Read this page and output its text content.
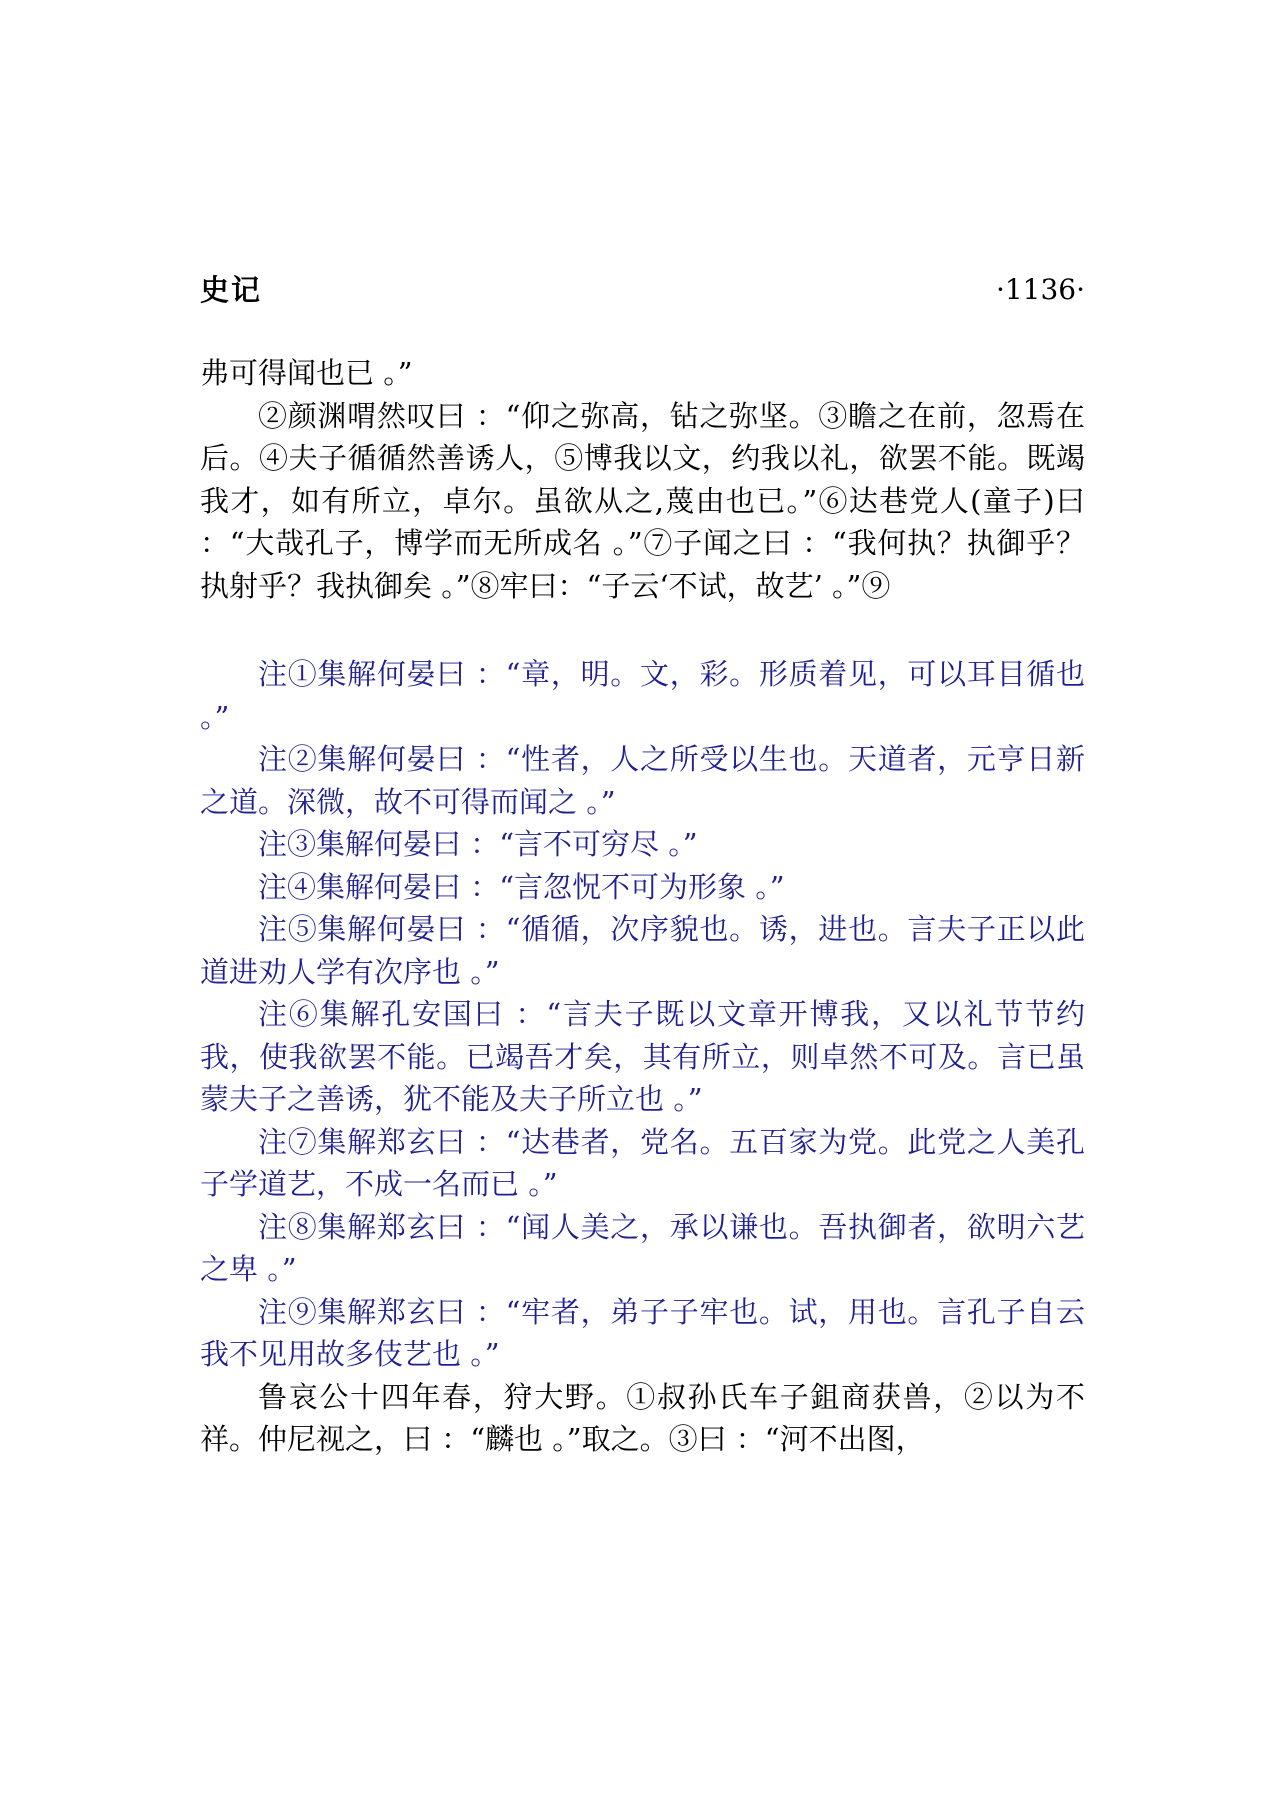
史记	·1136·

弗可得闻也已 。”

②颜渊喟然叹曰 ：“仰之弥高，钻之弥坚。③瞻之在前，忽焉在后。④夫子循循然善诱人，⑤博我以文，约我以礼，欲罢不能。既竭我才，如有所立，卓尔。虽欲从之,蔑由也已。”⑥达巷党人(童子)曰 ：“大哉孔子，博学而无所成名 。”⑦子闻之曰 ：“我何执？执御乎？执射乎？我执御矣 。”⑧牢曰：“子云‘不试，故艺’ 。”⑨

注①集解何晏曰 ：“章，明。文，彩。形质着见，可以耳目循也 。”

注②集解何晏曰 ：“性者，人之所受以生也。天道者，元亨日新之道。深微，故不可得而闻之 。”

注③集解何晏曰 ：“言不可穷尽 。”

注④集解何晏曰 ：“言忽怳不可为形象 。”

注⑤集解何晏曰 ：“循循，次序貌也。诱，进也。言夫子正以此道进劝人学有次序也 。”

注⑥集解孔安国曰 ：“言夫子既以文章开博我，又以礼节节约我，使我欲罢不能。已竭吾才矣，其有所立，则卓然不可及。言已虽蒙夫子之善诱，犹不能及夫子所立也 。”

注⑦集解郑玄曰 ：“达巷者，党名。五百家为党。此党之人美孔子学道艺，不成一名而已 。”

注⑧集解郑玄曰 ：“闻人美之，承以谦也。吾执御者，欲明六艺之卑 。”

注⑨集解郑玄曰 ：“牢者，弟子子牢也。试，用也。言孔子自云我不见用故多伎艺也 。”

鲁哀公十四年春，狩大野。①叔孙氏车子鉏商获兽，②以为不祥。仲尼视之，曰 ：“麟也 。”取之。③曰 ：“河不出图，
